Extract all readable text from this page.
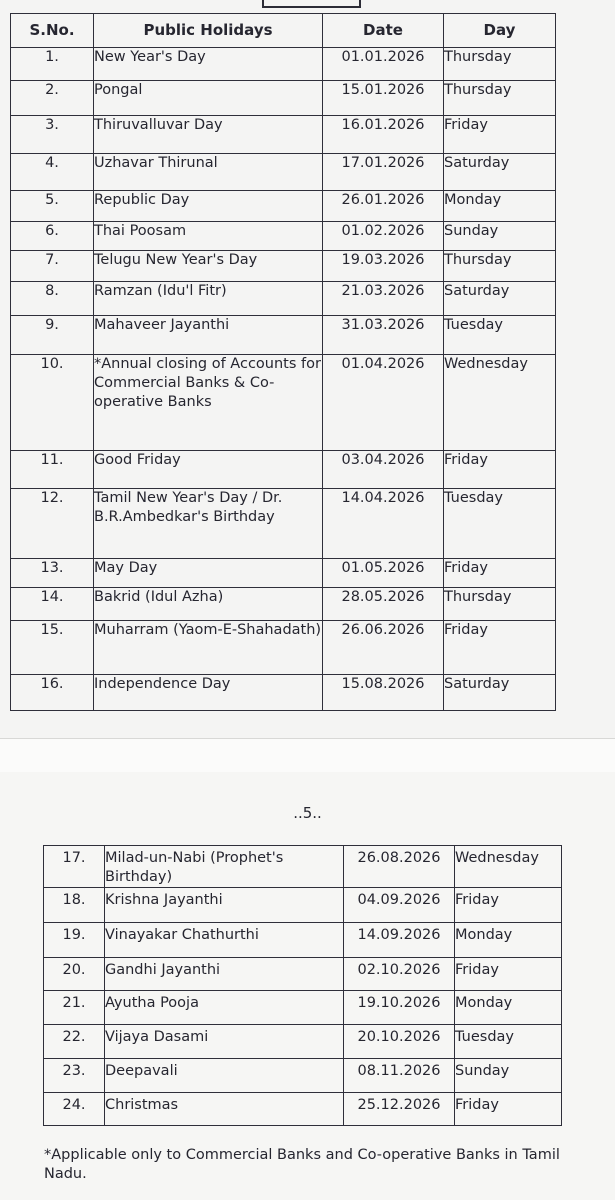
S.No.	Public Holidays	Date	Day
1.	New Year's Day	01.01.2026	Thursday
2.	Pongal	15.01.2026	Thursday
3.	Thiruvalluvar Day	16.01.2026	Friday
4.	Uzhavar Thirunal	17.01.2026	Saturday
5.	Republic Day	26.01.2026	Monday
6.	Thai Poosam	01.02.2026	Sunday
7.	Telugu New Year's Day	19.03.2026	Thursday
8.	Ramzan (Idu'l Fitr)	21.03.2026	Saturday
9.	Mahaveer Jayanthi	31.03.2026	Tuesday
10.	*Annual closing of Accounts for Commercial Banks & Co-operative Banks	01.04.2026	Wednesday
11.	Good Friday	03.04.2026	Friday
12.	Tamil New Year's Day / Dr. B.R.Ambedkar's Birthday	14.04.2026	Tuesday
13.	May Day	01.05.2026	Friday
14.	Bakrid (Idul Azha)	28.05.2026	Thursday
15.	Muharram (Yaom-E-Shahadath)	26.06.2026	Friday
16.	Independence Day	15.08.2026	Saturday
..5..
17.	Milad-un-Nabi (Prophet's Birthday)	26.08.2026	Wednesday
18.	Krishna Jayanthi	04.09.2026	Friday
19.	Vinayakar Chathurthi	14.09.2026	Monday
20.	Gandhi Jayanthi	02.10.2026	Friday
21.	Ayutha Pooja	19.10.2026	Monday
22.	Vijaya Dasami	20.10.2026	Tuesday
23.	Deepavali	08.11.2026	Sunday
24.	Christmas	25.12.2026	Friday
*Applicable only to Commercial Banks and Co-operative Banks in Tamil Nadu.
